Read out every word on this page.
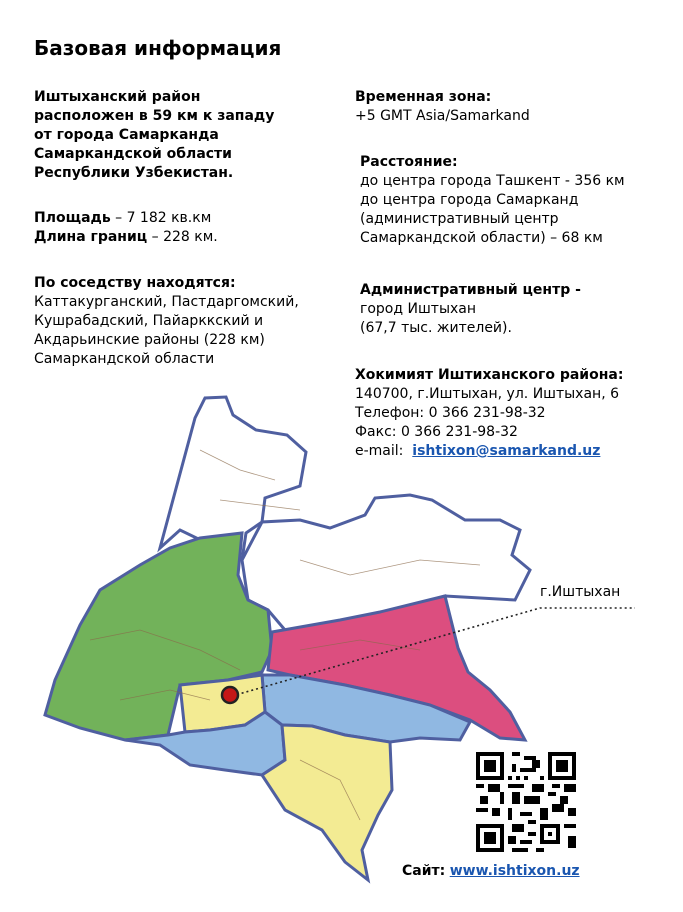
Базовая информация
Иштыханский район
расположен в 59 км к западу
от города Самарканда
Самаркандской области
Республики Узбекистан.
Площадь – 7 182 кв.км
Длина границ – 228 км.
По соседству находятся:
Каттакурганский, Пастдаргомский,
Кушрабадский, Пайарккский и
Акдарьинские районы (228 км)
Самаркандской области
Временная зона:
+5 GMT Asia/Samarkand
Расстояние:
до центра города Ташкент - 356 км
до центра города Самарканд
(административный центр
Самаркандской области) – 68 км
Административный центр -
город Иштыхан
(67,7 тыс. жителей).
Хокимият Иштиханского района:
140700, г.Иштыхан, ул. Иштыхан, 6
Телефон: 0 366 231-98-32
Факс: 0 366 231-98-32
e-mail: ishtixon@samarkand.uz
г.Иштыхан
Сайт: www.ishtixon.uz
